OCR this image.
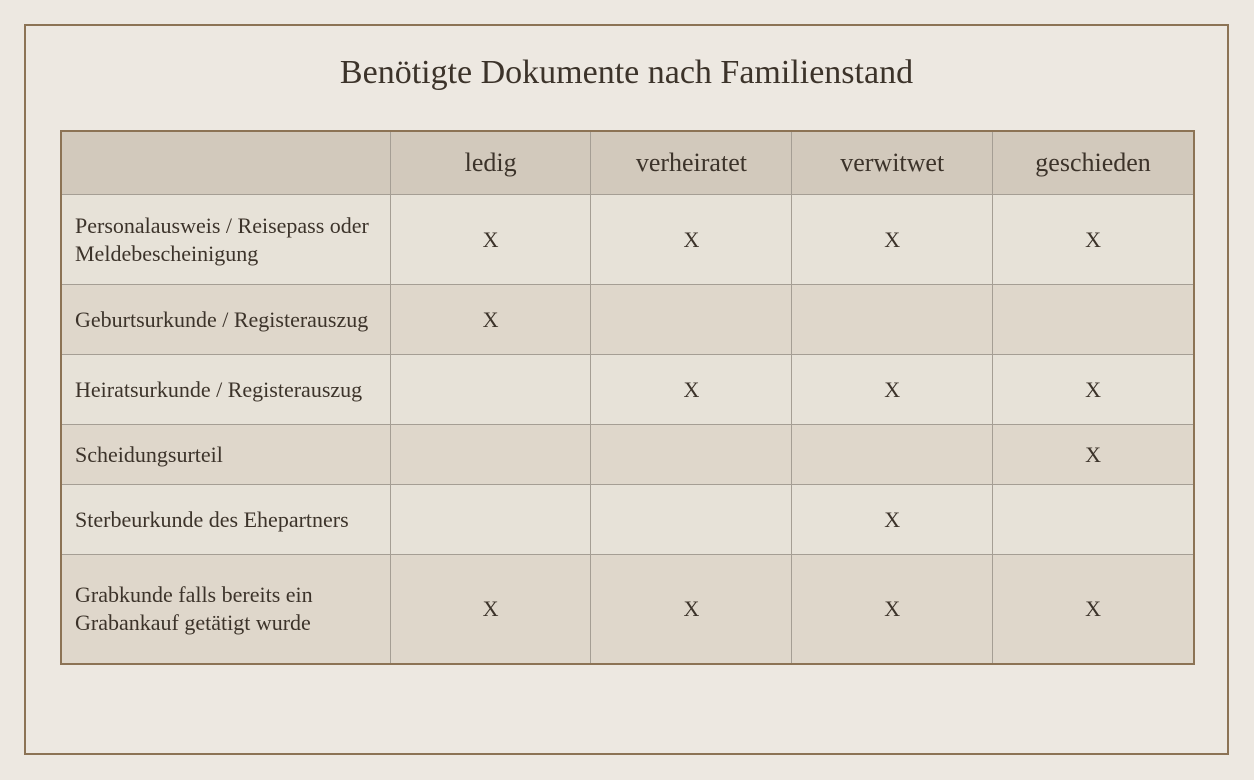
Benötigte Dokumente nach Familienstand
	ledig	verheiratet	verwitwet	geschieden
Personalausweis / Reisepass oder Meldebescheinigung	X	X	X	X
Geburtsurkunde / Registerauszug	X			
Heiratsurkunde / Registerauszug		X	X	X
Scheidungsurteil				X
Sterbeurkunde des Ehepartners			X	
Grabkunde falls bereits ein Grabankauf getätigt wurde	X	X	X	X
